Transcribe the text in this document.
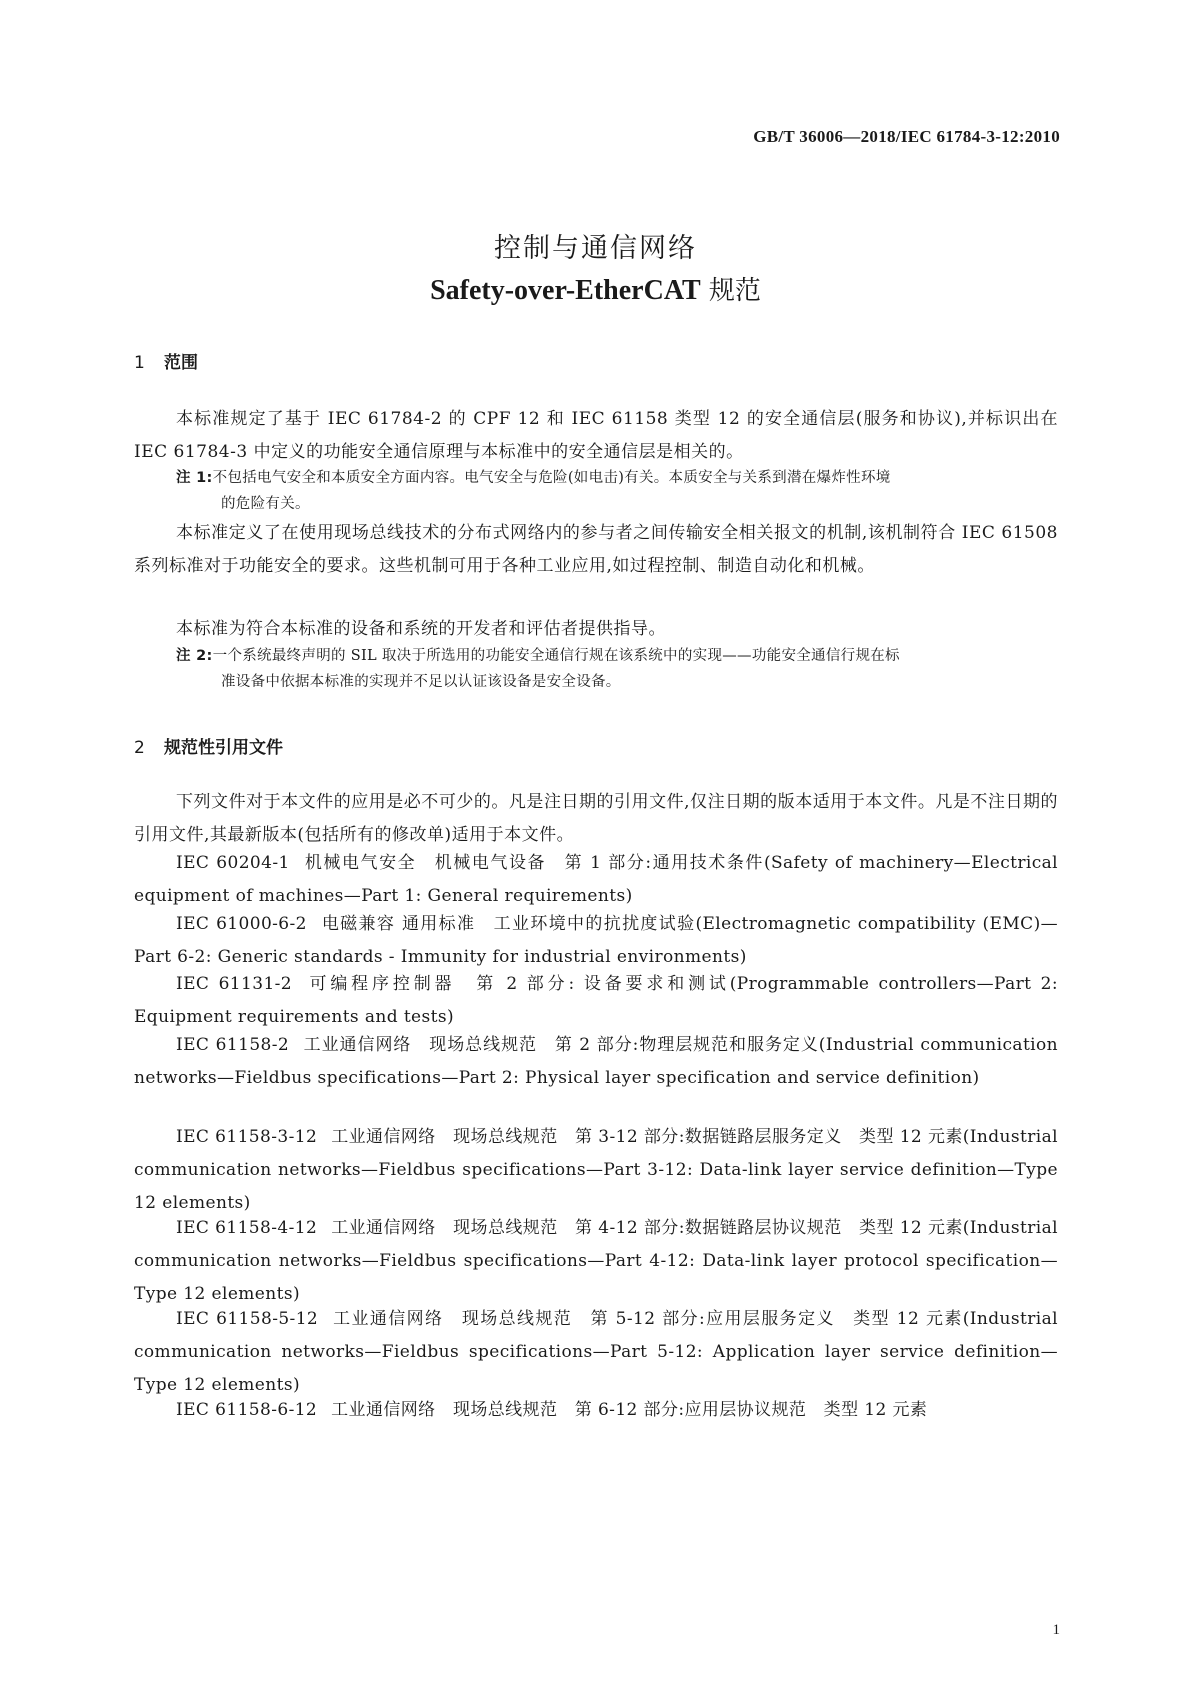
GB/T 36006—2018/IEC 61784-3-12:2010
控制与通信网络
Safety-over-EtherCAT 规范
1 范围
本标准规定了基于 IEC 61784-2 的 CPF 12 和 IEC 61158 类型 12 的安全通信层(服务和协议),并标识出在 IEC 61784-3 中定义的功能安全通信原理与本标准中的安全通信层是相关的。
注 1:不包括电气安全和本质安全方面内容。电气安全与危险(如电击)有关。本质安全与关系到潜在爆炸性环境
的危险有关。
本标准定义了在使用现场总线技术的分布式网络内的参与者之间传输安全相关报文的机制,该机制符合 IEC 61508 系列标准对于功能安全的要求。这些机制可用于各种工业应用,如过程控制、制造自动化和机械。
本标准为符合本标准的设备和系统的开发者和评估者提供指导。
注 2:一个系统最终声明的 SIL 取决于所选用的功能安全通信行规在该系统中的实现——功能安全通信行规在标
准设备中依据本标准的实现并不足以认证该设备是安全设备。
2 规范性引用文件
下列文件对于本文件的应用是必不可少的。凡是注日期的引用文件,仅注日期的版本适用于本文件。凡是不注日期的引用文件,其最新版本(包括所有的修改单)适用于本文件。
IEC 60204-1 机械电气安全　机械电气设备　第 1 部分:通用技术条件(Safety of machinery—Electrical equipment of machines—Part 1: General requirements)
IEC 61000-6-2 电磁兼容 通用标准　工业环境中的抗扰度试验(Electromagnetic compatibility (EMC)—Part 6-2: Generic standards - Immunity for industrial environments)
IEC 61131-2 可编程序控制器　第 2 部分: 设备要求和测试(Programmable controllers—Part 2: Equipment requirements and tests)
IEC 61158-2 工业通信网络　现场总线规范　第 2 部分:物理层规范和服务定义(Industrial communication networks—Fieldbus specifications—Part 2: Physical layer specification and service definition)
IEC 61158-3-12 工业通信网络　现场总线规范　第 3-12 部分:数据链路层服务定义　类型 12 元素(Industrial communication networks—Fieldbus specifications—Part 3-12: Data-link layer service definition—Type 12 elements)
IEC 61158-4-12 工业通信网络　现场总线规范　第 4-12 部分:数据链路层协议规范　类型 12 元素(Industrial communication networks—Fieldbus specifications—Part 4-12: Data-link layer protocol specification—Type 12 elements)
IEC 61158-5-12 工业通信网络　现场总线规范　第 5-12 部分:应用层服务定义　类型 12 元素(Industrial communication networks—Fieldbus specifications—Part 5-12: Application layer service definition—Type 12 elements)
IEC 61158-6-12 工业通信网络　现场总线规范　第 6-12 部分:应用层协议规范　类型 12 元素
1
